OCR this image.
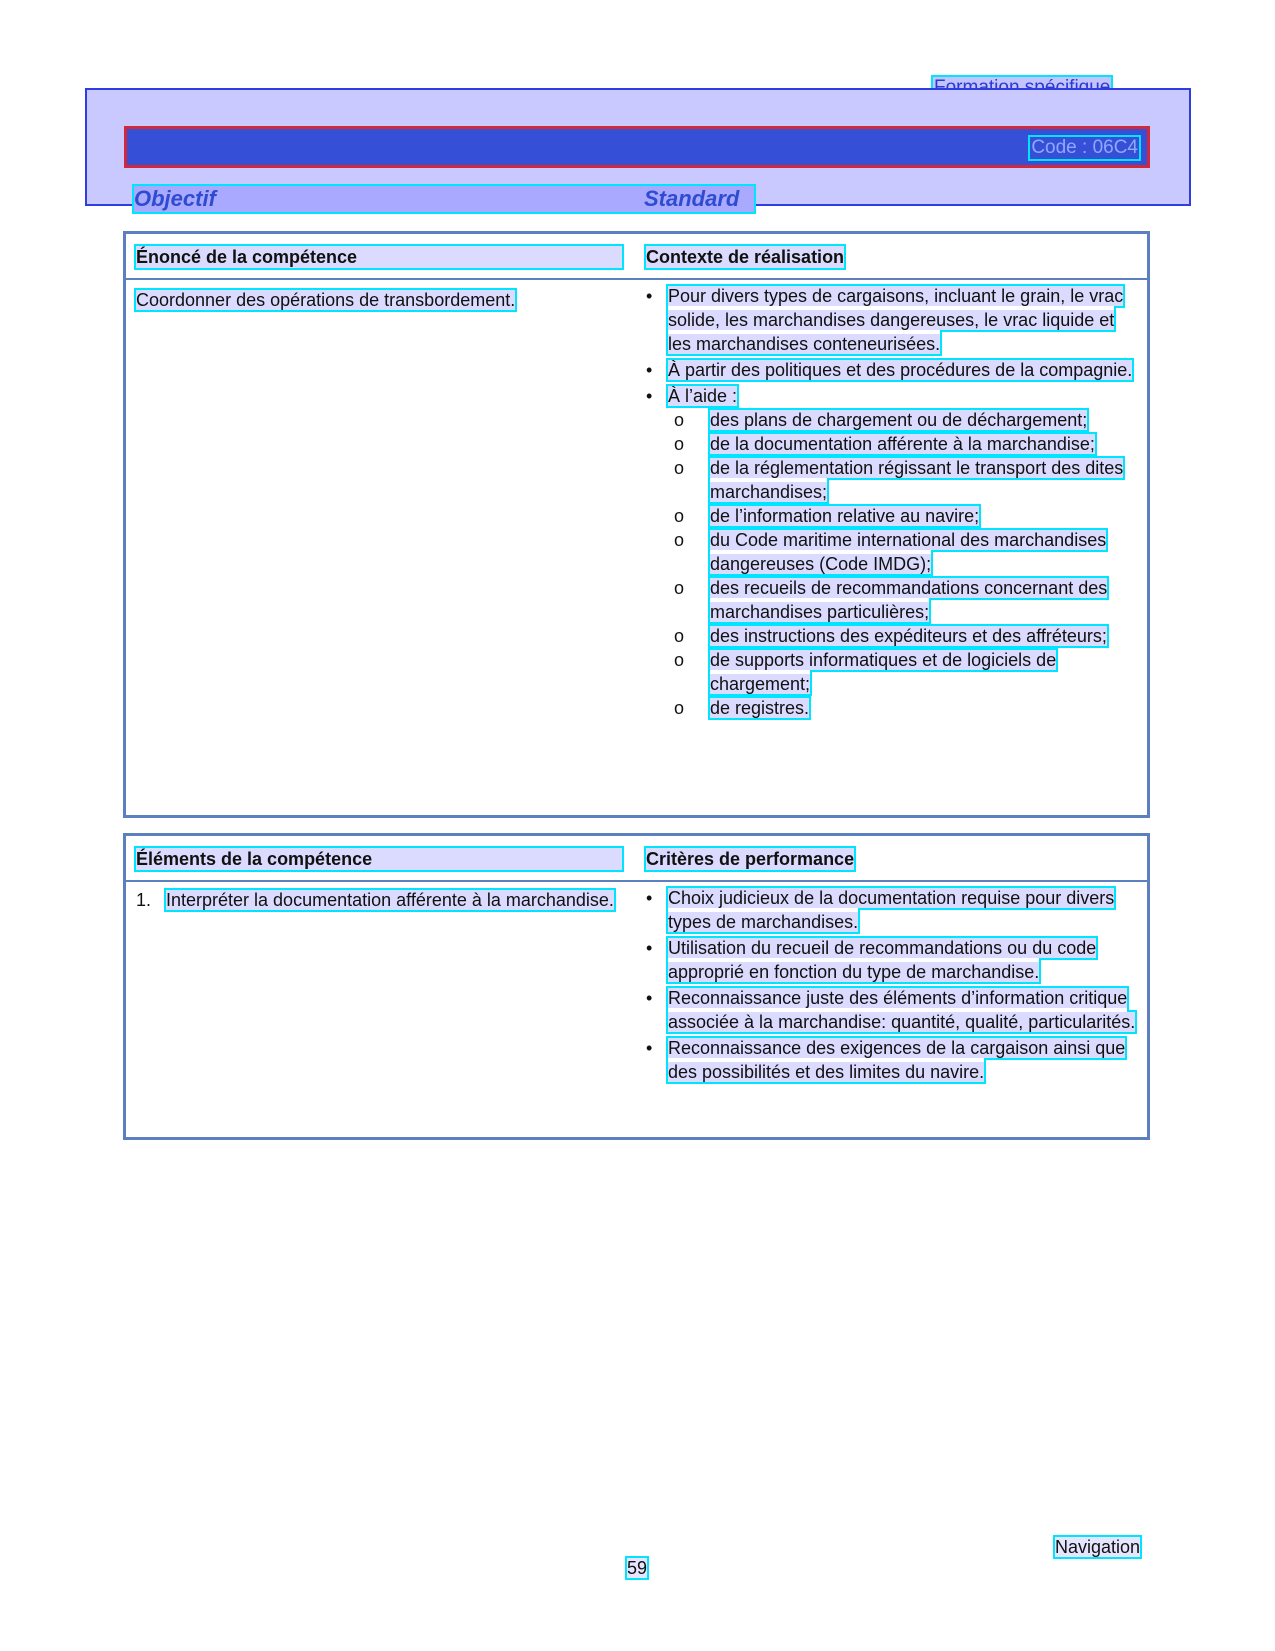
Code : 06C4
Objectif	Standard
Énoncé de la compétence	Contexte de réalisation
Coordonner des opérations de transbordement.	• Pour divers types de cargaisons, incluant le grain, le vrac solide, les marchandises dangereuses, le vrac liquide et les marchandises conteneurisées.
• À partir des politiques et des procédures de la compagnie.
• À l’aide :
o des plans de chargement ou de déchargement;
o de la documentation afférente à la marchandise;
o de la réglementation régissant le transport des dites marchandises;
o de l’information relative au navire;
o du Code maritime international des marchandises dangereuses (Code IMDG);
o des recueils de recommandations concernant des marchandises particulières;
o des instructions des expéditeurs et des affréteurs;
o de supports informatiques et de logiciels de chargement;
o de registres.
Éléments de la compétence	Critères de performance
1. Interpréter la documentation afférente à la marchandise.	• Choix judicieux de la documentation requise pour divers types de marchandises.
• Utilisation du recueil de recommandations ou du code approprié en fonction du type de marchandise.
• Reconnaissance juste des éléments d’information critique associée à la marchandise: quantité, qualité, particularités.
• Reconnaissance des exigences de la cargaison ainsi que des possibilités et des limites du navire.
Navigation
59
